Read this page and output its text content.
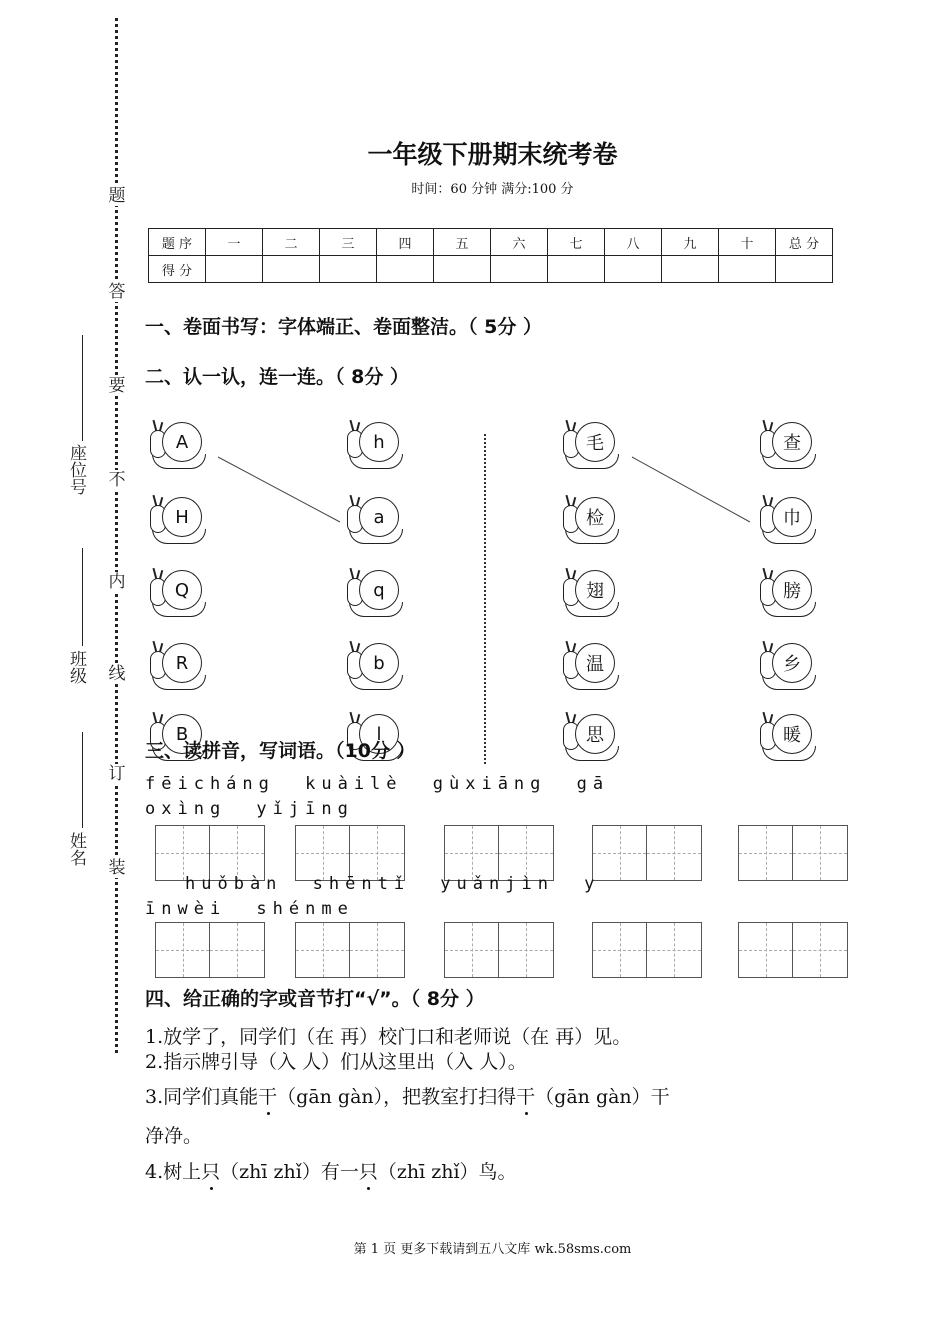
题
答
要
不
内
线
订
装
姓名
班级
座位号
一年级下册期末统考卷
时间：60 分钟 满分:100 分
题 序	一	二	三	四	五	六	七	八	九	十	总 分
得 分											
一、卷面书写：字体端正、卷面整洁。（ 5分 ）
二、认一认，连一连。（ 8分 ）
A
H
Q
R
B
h
a
q
b
l
毛
检
翅
温
思
查
巾
膀
乡
暖
三、读拼音，写词语。（10分 ）
fēicháng kuàilè gùxiāng gā
oxìng yǐjīng
huǒbàn shēntǐ yuǎnjìn y
īnwèi shénme
四、给正确的字或音节打“√”。（ 8分 ）
1.放学了，同学们（在 再）校门口和老师说（在 再）见。
2.指示牌引导（入 人）们从这里出（入 人）。
3.同学们真能干（gān gàn），把教室打扫得干（gān gàn）干
净净。
4.树上只（zhī zhǐ）有一只（zhī zhǐ）鸟。
第 1 页 更多下载请到五八文库 wk.58sms.com
